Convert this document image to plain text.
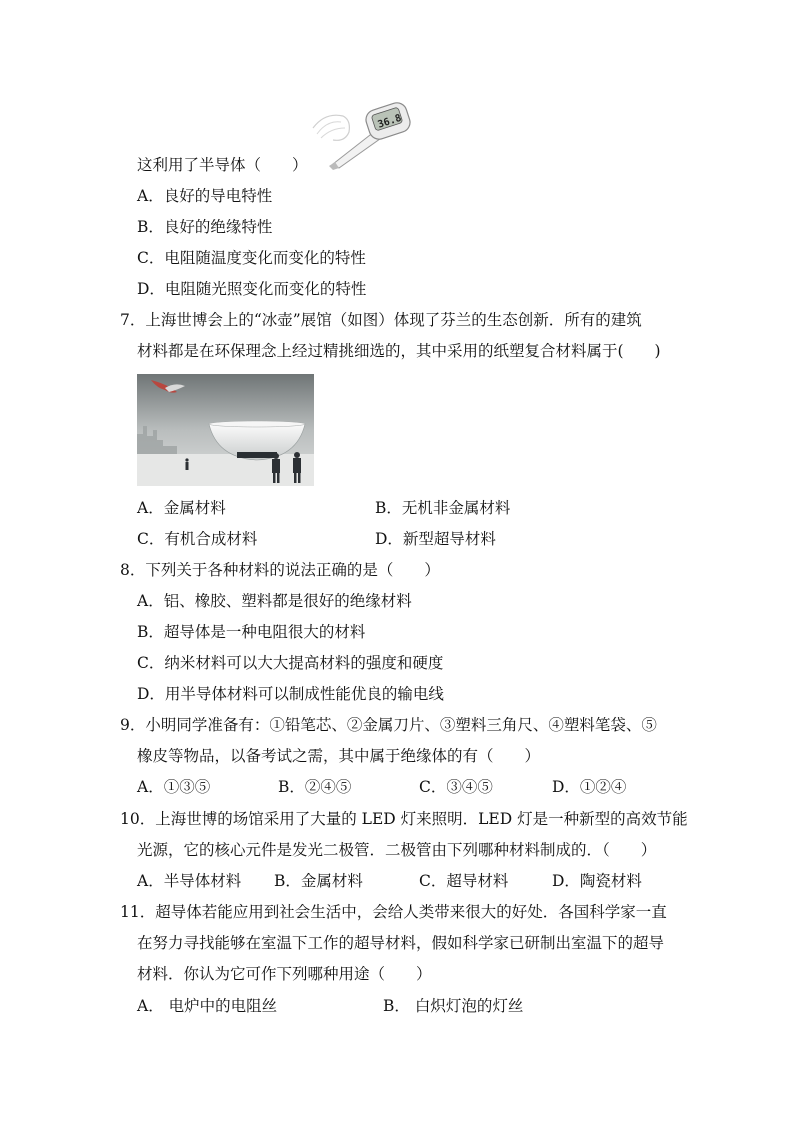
36.8
这利用了半导体（　　）
A．良好的导电特性
B．良好的绝缘特性
C．电阻随温度变化而变化的特性
D．电阻随光照变化而变化的特性
7．上海世博会上的“冰壶”展馆（如图）体现了芬兰的生态创新．所有的建筑
材料都是在环保理念上经过精挑细选的，其中采用的纸塑复合材料属于(　　)
A．金属材料	B．无机非金属材料
C．有机合成材料	D．新型超导材料
8．下列关于各种材料的说法正确的是（　　）
A．铝、橡胶、塑料都是很好的绝缘材料
B．超导体是一种电阻很大的材料
C．纳米材料可以大大提高材料的强度和硬度
D．用半导体材料可以制成性能优良的输电线
9．小明同学准备有：①铅笔芯、②金属刀片、③塑料三角尺、④塑料笔袋、⑤
橡皮等物品，以备考试之需，其中属于绝缘体的有（　　）
A．①③⑤	B．②④⑤	C．③④⑤	D．①②④
10．上海世博的场馆采用了大量的 LED 灯来照明．LED 灯是一种新型的高效节能
光源，它的核心元件是发光二极管．二极管由下列哪种材料制成的．（　　）
A．半导体材料 B．金属材料	C．超导材料	D．陶瓷材料
11．超导体若能应用到社会生活中，会给人类带来很大的好处．各国科学家一直
在努力寻找能够在室温下工作的超导材料，假如科学家已研制出室温下的超导
材料．你认为它可作下列哪种用途（　　）
A． 电炉中的电阻丝	B． 白炽灯泡的灯丝
